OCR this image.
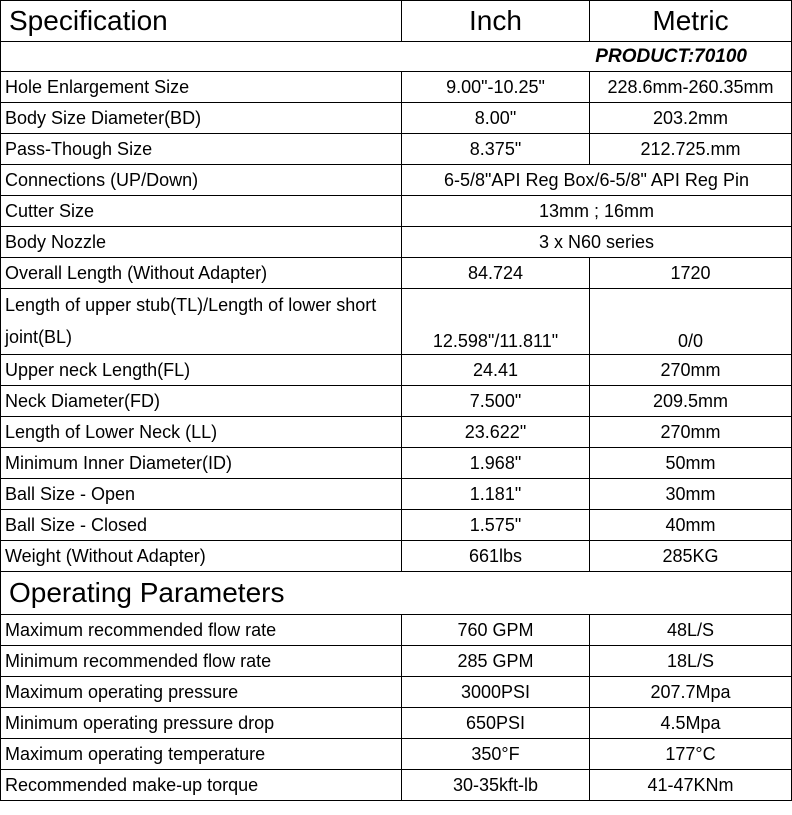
Specification	Inch	Metric
PRODUCT:70100		
Hole Enlargement Size	9.00"-10.25"	228.6mm-260.35mm
Body Size Diameter(BD)	8.00"	203.2mm
Pass-Though Size	8.375"	212.725.mm
Connections (UP/Down)	6-5/8"API Reg Box/6-5/8" API Reg Pin	
Cutter Size	13mm ; 16mm	
Body Nozzle	3 x N60 series	
Overall Length (Without Adapter)	84.724	1720
Length of upper stub(TL)/Length of lower short joint(BL)	12.598"/11.811"	0/0
Upper neck Length(FL)	24.41	270mm
Neck Diameter(FD)	7.500"	209.5mm
Length of Lower Neck (LL)	23.622"	270mm
Minimum Inner Diameter(ID)	1.968"	50mm
Ball Size - Open	1.181"	30mm
Ball Size - Closed	1.575"	40mm
Weight (Without Adapter)	661lbs	285KG
Operating Parameters		
Maximum recommended flow rate	760 GPM	48L/S
Minimum recommended flow rate	285 GPM	18L/S
Maximum operating pressure	3000PSI	207.7Mpa
Minimum operating pressure drop	650PSI	4.5Mpa
Maximum operating temperature	350°F	177°C
Recommended make-up torque	30-35kft-lb	41-47KNm
